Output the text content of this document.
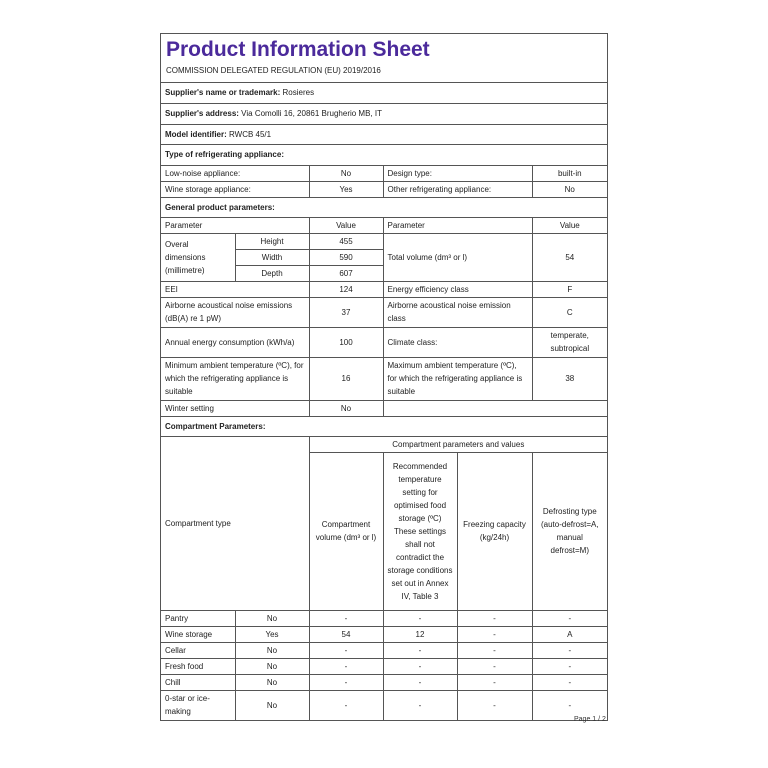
Product Information Sheet
COMMISSION DELEGATED REGULATION (EU) 2019/2016
Supplier's name or trademark: Rosieres					
Supplier's address: Via Comolli 16, 20861 Brugherio MB, IT					
Model identifier: RWCB 45/1					
Type of refrigerating appliance:					
Low-noise appliance:		No	Design type:		built-in
Wine storage appliance:		Yes	Other refrigerating appliance:		No
General product parameters:					
Parameter		Value	Parameter		Value
Overal dimensions (millimetre)	Height	455	Total volume (dm³ or l)		54
	Width	590			
	Depth	607			
EEI		124	Energy efficiency class		F
Airborne acoustical noise emissions (dB(A) re 1 pW)		37	Airborne acoustical noise emission class		C
Annual energy consumption (kWh/a)		100	Climate class:		temperate, subtropical
Minimum ambient temperature (ºC), for which the refrigerating appliance is suitable		16	Maximum ambient temperature (ºC), for which the refrigerating appliance is suitable		38
Winter setting		No			
Compartment Parameters:					
Compartment type		Compartment parameters and values			
		Compartment volume (dm³ or l)	Recommended temperature setting for optimised food storage (ºC) These settings shall not contradict the storage conditions set out in Annex IV, Table 3	Freezing capacity (kg/24h)	Defrosting type (auto-defrost=A, manual defrost=M)
Pantry	No	-	-	-	-
Wine storage	Yes	54	12	-	A
Cellar	No	-	-	-	-
Fresh food	No	-	-	-	-
Chill	No	-	-	-	-
0-star or ice-making	No	-	-	-	-
Page 1 / 2
